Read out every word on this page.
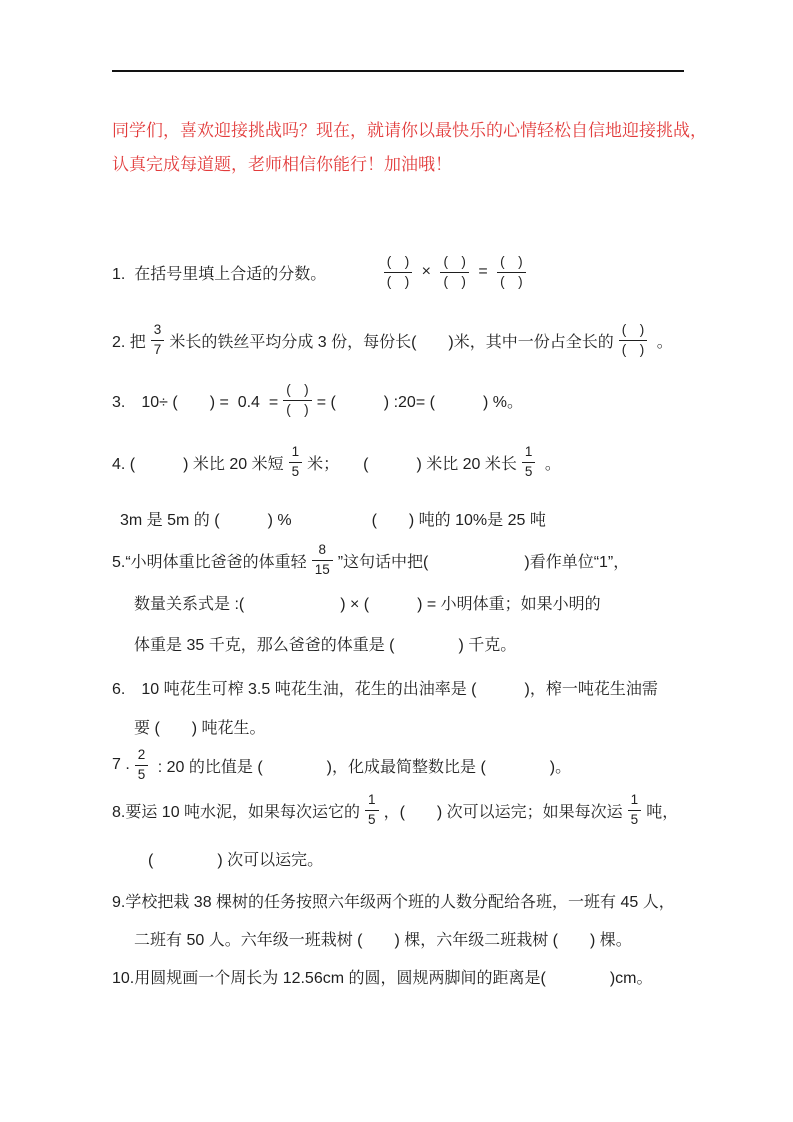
同学们，喜欢迎接挑战吗？现在，就请你以最快乐的心情轻松自信地迎接挑战，
认真完成每道题，老师相信你能行！加油哦！
1.  在括号里填上合适的分数。
　　　	$\frac{( )}{( )} \times \frac{( )}{( )} = \frac{( )}{( )}$
2. 把 $\frac{3}{7}$ 米长的铁丝平均分成 3 份，每份长(　　)米，其中一份占全长的 $\frac{( )}{( )}$ 。
3.　10÷ (　　) =  $0.4 = \frac{( )}{( )}$ = (　　　) :20= (　　　) %。
4. (　　　) 米比 20 米短 $\frac{1}{5}$ 米；　　(　　　) 米比 20 米长 $\frac{1}{5}$ 。
3m 是 5m 的 (　　　) %　　　　　(　　) 吨的 10%是 25 吨
5.“小明体重比爸爸的体重轻 $\frac{8}{15}$ ”这句话中把(　　　　　　)看作单位“1”，
数量关系式是 :(　　　　　　) × (　　　) = 小明体重；如果小明的
体重是 35 千克，那么爸爸的体重是 (　　　　) 千克。
6.　10 吨花生可榨 3.5 吨花生油，花生的出油率是 (　　　)，榨一吨花生油需
要 (　　) 吨花生。
7 . $\frac{2}{5}$ : 20 的比值是 (　　　　)，化成最简整数比是 (　　　　)。
8.要运 10 吨水泥，如果每次运它的 $\frac{1}{5}$ ，(　　) 次可以运完；如果每次运 $\frac{1}{5}$ 吨，
(　　　　) 次可以运完。
9.学校把栽 38 棵树的任务按照六年级两个班的人数分配给各班，一班有 45 人，
二班有 50 人。六年级一班栽树 (　　) 棵，六年级二班栽树 (　　) 棵。
10.用圆规画一个周长为 12.56cm 的圆，圆规两脚间的距离是(　　　　)cm。
